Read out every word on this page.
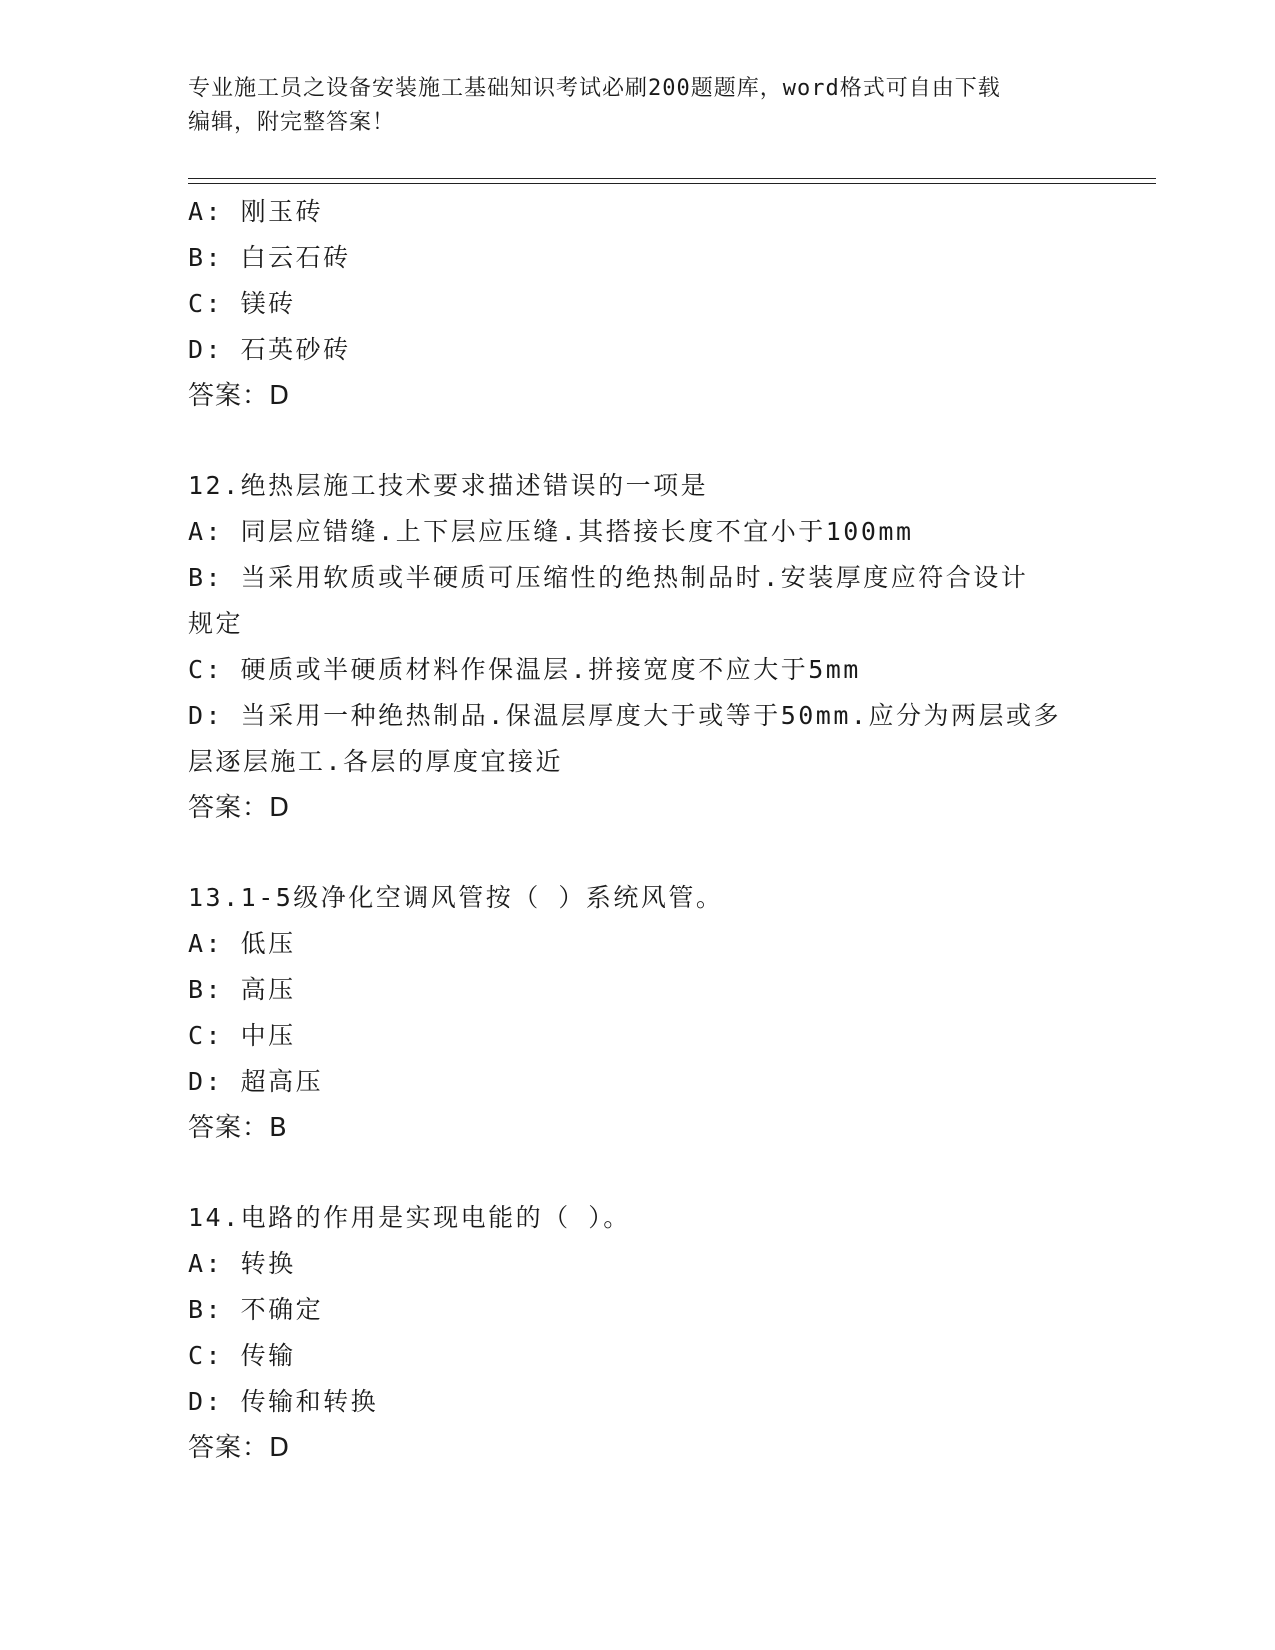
专业施工员之设备安装施工基础知识考试必刷200题题库，word格式可自由下载
编辑，附完整答案！
A: 刚玉砖
B: 白云石砖
C: 镁砖
D: 石英砂砖
答案：D
12.绝热层施工技术要求描述错误的一项是
A: 同层应错缝.上下层应压缝.其搭接长度不宜小于100mm
B: 当采用软质或半硬质可压缩性的绝热制品时.安装厚度应符合设计
规定
C: 硬质或半硬质材料作保温层.拼接宽度不应大于5mm
D: 当采用一种绝热制品.保温层厚度大于或等于50mm.应分为两层或多
层逐层施工.各层的厚度宜接近
答案：D
13.1-5级净化空调风管按（ ）系统风管。
A: 低压
B: 高压
C: 中压
D: 超高压
答案：B
14.电路的作用是实现电能的（ ）。
A: 转换
B: 不确定
C: 传输
D: 传输和转换
答案：D
